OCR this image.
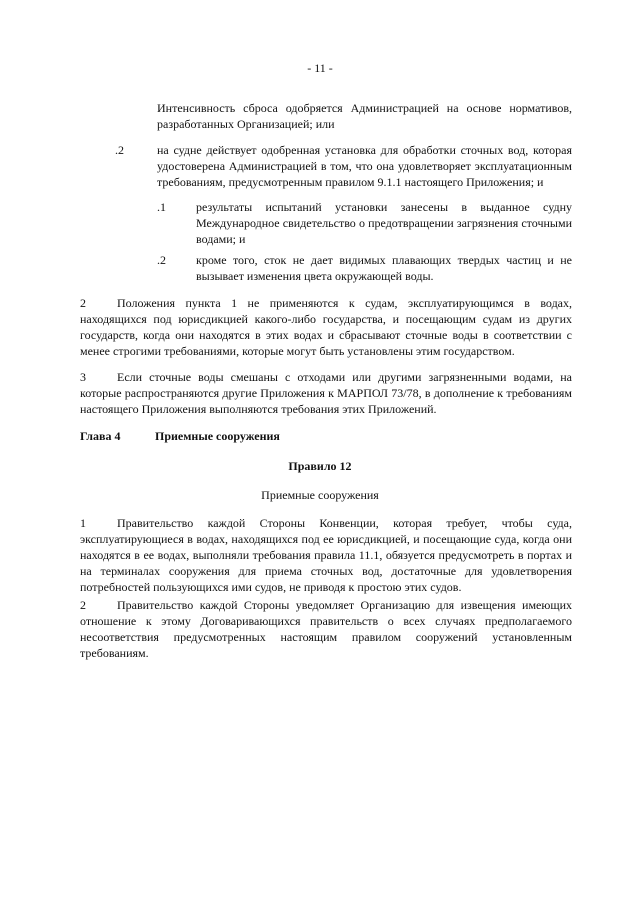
- 11 -
Интенсивность сброса одобряется Администрацией на основе нормативов, разработанных Организацией; или
.2	на судне действует одобренная установка для обработки сточных вод, которая удостоверена Администрацией в том, что она удовлетворяет эксплуатационным требованиям, предусмотренным правилом 9.1.1 настоящего Приложения; и
.1	результаты испытаний установки занесены в выданное судну Международное свидетельство о предотвращении загрязнения сточными водами; и
.2	кроме того, сток не дает видимых плавающих твердых частиц и не вызывает изменения цвета окружающей воды.
2	Положения пункта 1 не применяются к судам, эксплуатирующимся в водах, находящихся под юрисдикцией какого-либо государства, и посещающим судам из других государств, когда они находятся в этих водах и сбрасывают сточные воды в соответствии с менее строгими требованиями, которые могут быть установлены этим государством.
3	Если сточные воды смешаны с отходами или другими загрязненными водами, на которые распространяются другие Приложения к МАРПОЛ 73/78, в дополнение к требованиям настоящего Приложения выполняются требования этих Приложений.
Глава 4	Приемные сооружения
Правило 12
Приемные сооружения
1	Правительство каждой Стороны Конвенции, которая требует, чтобы суда, эксплуатирующиеся в водах, находящихся под ее юрисдикцией, и посещающие суда, когда они находятся в ее водах, выполняли требования правила 11.1, обязуется предусмотреть в портах и на терминалах сооружения для приема сточных вод, достаточные для удовлетворения потребностей пользующихся ими судов, не приводя к простою этих судов.
2	Правительство каждой Стороны уведомляет Организацию для извещения имеющих отношение к этому Договаривающихся правительств о всех случаях предполагаемого несоответствия предусмотренных настоящим правилом сооружений установленным требованиям.
